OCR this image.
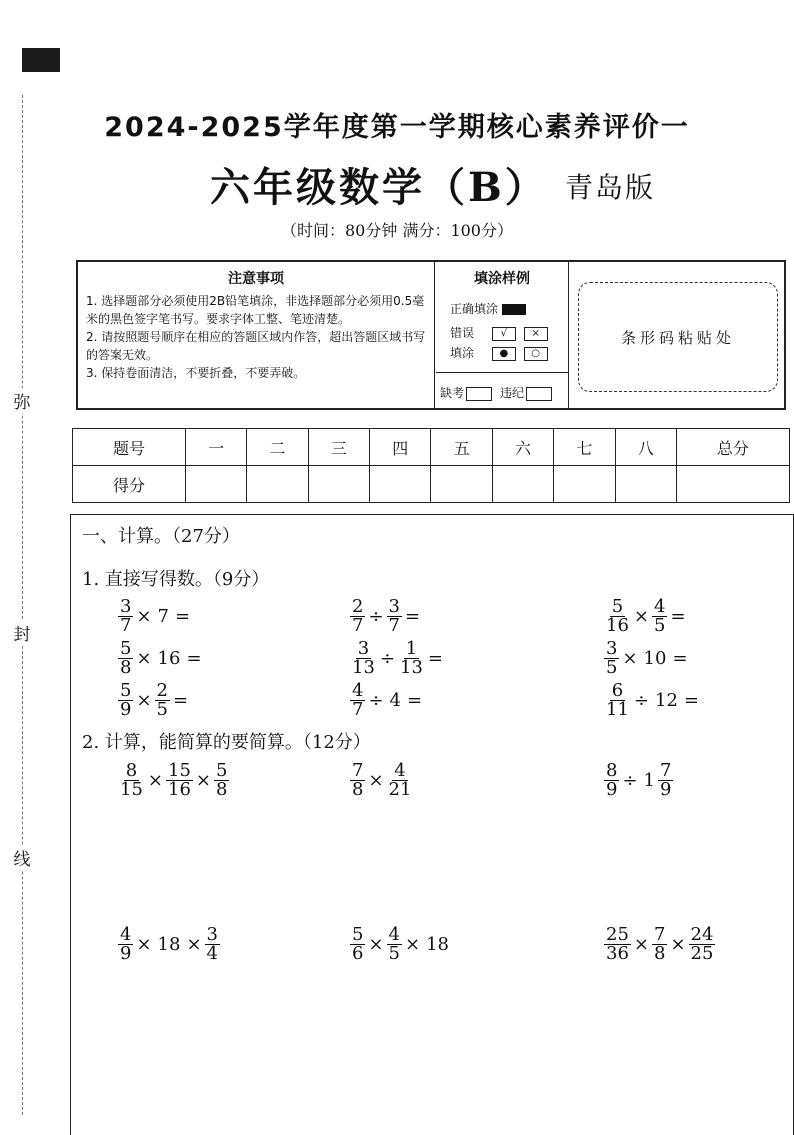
弥
封
线
2024-2025学年度第一学期核心素养评价一
六年级数学（B） 青岛版
（时间：80分钟 满分：100分）
注意事项
1. 选择题部分必须使用2B铅笔填涂，非选择题部分必须用0.5毫米的黑色签字笔书写。要求字体工整、笔迹清楚。
2. 请按照题号顺序在相应的答题区域内作答，超出答题区域书写的答案无效。
3. 保持卷面清洁，不要折叠，不要弄破。
填涂样例
正确填涂
错误	√ ×
填涂	● ○
缺考	违纪
条形码粘贴处
题号	一	二	三	四	五	六	七	八	总分
得分									
一、计算。（27分）
1. 直接写得数。（9分）
2. 计算，能简算的要简算。（12分）
$\frac{3}{7} \times 7$ =	$\frac{2}{7} \div \frac{3}{7}$ =	$\frac{5}{16} \times \frac{4}{5}$ =
$\frac{5}{8} \times 16$ =	$\frac{3}{13} \div \frac{1}{13}$ =	$\frac{3}{5} \times 10$ =
$\frac{5}{9} \times \frac{2}{5}$ =	$\frac{4}{7} \div 4$ =	$\frac{6}{11} \div 12$ =
$\frac{8}{15} \times \frac{15}{16} \times \frac{5}{8}$	$\frac{7}{8} \times \frac{4}{21}$	$\frac{8}{9} \div 1 \frac{7}{9}$
$\frac{4}{9} \times 18 \times \frac{3}{4}$	$\frac{5}{6} \times \frac{4}{5} \times 18$	$\frac{25}{36} \times \frac{7}{8} \times \frac{24}{25}$
